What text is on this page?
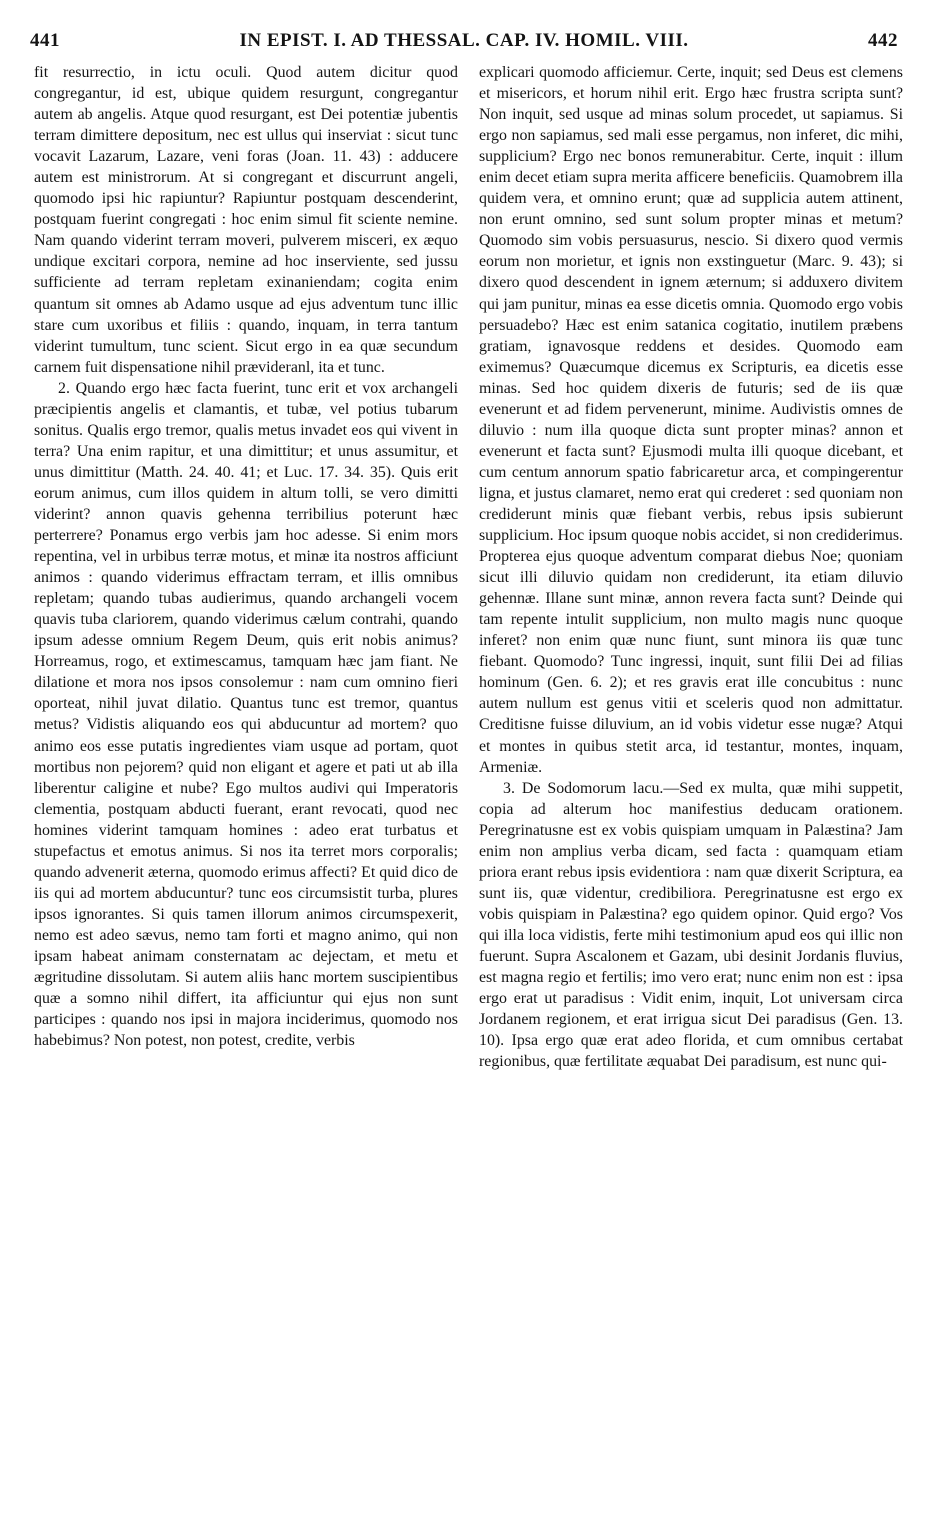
441	IN EPIST. I. AD THESSAL. CAP. IV. HOMIL. VIII.	442

fit resurrectio, in ictu oculi. Quod autem dicitur quod congregantur, id est, ubique quidem resurgunt, congregantur autem ab angelis. Atque quod resurgant, est Dei potentiæ jubentis terram dimittere depositum, nec est ullus qui inserviat : sicut tunc vocavit Lazarum, Lazare, veni foras (Joan. 11. 43) : adducere autem est ministrorum. At si congregant et discurrunt angeli, quomodo ipsi hic rapiuntur? Rapiuntur postquam descenderint, postquam fuerint congregati : hoc enim simul fit sciente nemine. Nam quando viderint terram moveri, pulverem misceri, ex æquo undique excitari corpora, nemine ad hoc inserviente, sed jussu sufficiente ad terram repletam exinaniendam; cogita enim quantum sit omnes ab Adamo usque ad ejus adventum tunc illic stare cum uxoribus et filiis : quando, inquam, in terra tantum viderint tumultum, tunc scient. Sicut ergo in ea quæ secundum carnem fuit dispensatione nihil prævideranl, ita et tunc.

2. Quando ergo hæc facta fuerint, tunc erit et vox archangeli præcipientis angelis et clamantis, et tubæ, vel potius tubarum sonitus. Qualis ergo tremor, qualis metus invadet eos qui vivent in terra? Una enim rapitur, et una dimittitur; et unus assumitur, et unus dimittitur (Matth. 24. 40. 41; et Luc. 17. 34. 35). Quis erit eorum animus, cum illos quidem in altum tolli, se vero dimitti viderint? annon quavis gehenna terribilius poterunt hæc perterrere? Ponamus ergo verbis jam hoc adesse. Si enim mors repentina, vel in urbibus terræ motus, et minæ ita nostros afficiunt animos : quando viderimus effractam terram, et illis omnibus repletam; quando tubas audierimus, quando archangeli vocem quavis tuba clariorem, quando viderimus cælum contrahi, quando ipsum adesse omnium Regem Deum, quis erit nobis animus? Horreamus, rogo, et extimescamus, tamquam hæc jam fiant. Ne dilatione et mora nos ipsos consolemur : nam cum omnino fieri oporteat, nihil juvat dilatio. Quantus tunc est tremor, quantus metus? Vidistis aliquando eos qui abducuntur ad mortem? quo animo eos esse putatis ingredientes viam usque ad portam, quot mortibus non pejorem? quid non eligant et agere et pati ut ab illa liberentur caligine et nube? Ego multos audivi qui Imperatoris clementia, postquam abducti fuerant, erant revocati, quod nec homines viderint tamquam homines : adeo erat turbatus et stupefactus et emotus animus. Si nos ita terret mors corporalis; quando advenerit æterna, quomodo erimus affecti? Et quid dico de iis qui ad mortem abducuntur? tunc eos circumsistit turba, plures ipsos ignorantes. Si quis tamen illorum animos circumspexerit, nemo est adeo sævus, nemo tam forti et magno animo, qui non ipsam habeat animam consternatam ac dejectam, et metu et ægritudine dissolutam. Si autem aliis hanc mortem suscipientibus quæ a somno nihil differt, ita afficiuntur qui ejus non sunt participes : quando nos ipsi in majora inciderimus, quomodo nos habebimus? Non potest, non potest, credite, verbis

explicari quomodo afficiemur. Certe, inquit; sed Deus est clemens et misericors, et horum nihil erit. Ergo hæc frustra scripta sunt? Non inquit, sed usque ad minas solum procedet, ut sapiamus. Si ergo non sapiamus, sed mali esse pergamus, non inferet, dic mihi, supplicium? Ergo nec bonos remunerabitur. Certe, inquit : illum enim decet etiam supra merita afficere beneficiis. Quamobrem illa quidem vera, et omnino erunt; quæ ad supplicia autem attinent, non erunt omnino, sed sunt solum propter minas et metum? Quomodo sim vobis persuasurus, nescio. Si dixero quod vermis eorum non morietur, et ignis non exstinguetur (Marc. 9. 43); si dixero quod descendent in ignem æternum; si adduxero divitem qui jam punitur, minas ea esse dicetis omnia. Quomodo ergo vobis persuadebo? Hæc est enim satanica cogitatio, inutilem præbens gratiam, ignavosque reddens et desides. Quomodo eam eximemus? Quæcumque dicemus ex Scripturis, ea dicetis esse minas. Sed hoc quidem dixeris de futuris; sed de iis quæ evenerunt et ad fidem pervenerunt, minime. Audivistis omnes de diluvio : num illa quoque dicta sunt propter minas? annon et evenerunt et facta sunt? Ejusmodi multa illi quoque dicebant, et cum centum annorum spatio fabricaretur arca, et compingerentur ligna, et justus clamaret, nemo erat qui crederet : sed quoniam non crediderunt minis quæ fiebant verbis, rebus ipsis subierunt supplicium. Hoc ipsum quoque nobis accidet, si non crediderimus. Propterea ejus quoque adventum comparat diebus Noe; quoniam sicut illi diluvio quidam non crediderunt, ita etiam diluvio gehennæ. Illane sunt minæ, annon revera facta sunt? Deinde qui tam repente intulit supplicium, non multo magis nunc quoque inferet? non enim quæ nunc fiunt, sunt minora iis quæ tunc fiebant. Quomodo? Tunc ingressi, inquit, sunt filii Dei ad filias hominum (Gen. 6. 2); et res gravis erat ille concubitus : nunc autem nullum est genus vitii et sceleris quod non admittatur. Creditisne fuisse diluvium, an id vobis videtur esse nugæ? Atqui et montes in quibus stetit arca, id testantur, montes, inquam, Armeniæ.

3. De Sodomorum lacu.—Sed ex multa, quæ mihi suppetit, copia ad alterum hoc manifestius deducam orationem. Peregrinatusne est ex vobis quispiam umquam in Palæstina? Jam enim non amplius verba dicam, sed facta : quamquam etiam priora erant rebus ipsis evidentiora : nam quæ dixerit Scriptura, ea sunt iis, quæ videntur, credibiliora. Peregrinatusne est ergo ex vobis quispiam in Palæstina? ego quidem opinor. Quid ergo? Vos qui illa loca vidistis, ferte mihi testimonium apud eos qui illic non fuerunt. Supra Ascalonem et Gazam, ubi desinit Jordanis fluvius, est magna regio et fertilis; imo vero erat; nunc enim non est : ipsa ergo erat ut paradisus : Vidit enim, inquit, Lot universam circa Jordanem regionem, et erat irrigua sicut Dei paradisus (Gen. 13. 10). Ipsa ergo quæ erat adeo florida, et cum omnibus certabat regionibus, quæ fertilitate æquabat Dei paradisum, est nunc qui-
